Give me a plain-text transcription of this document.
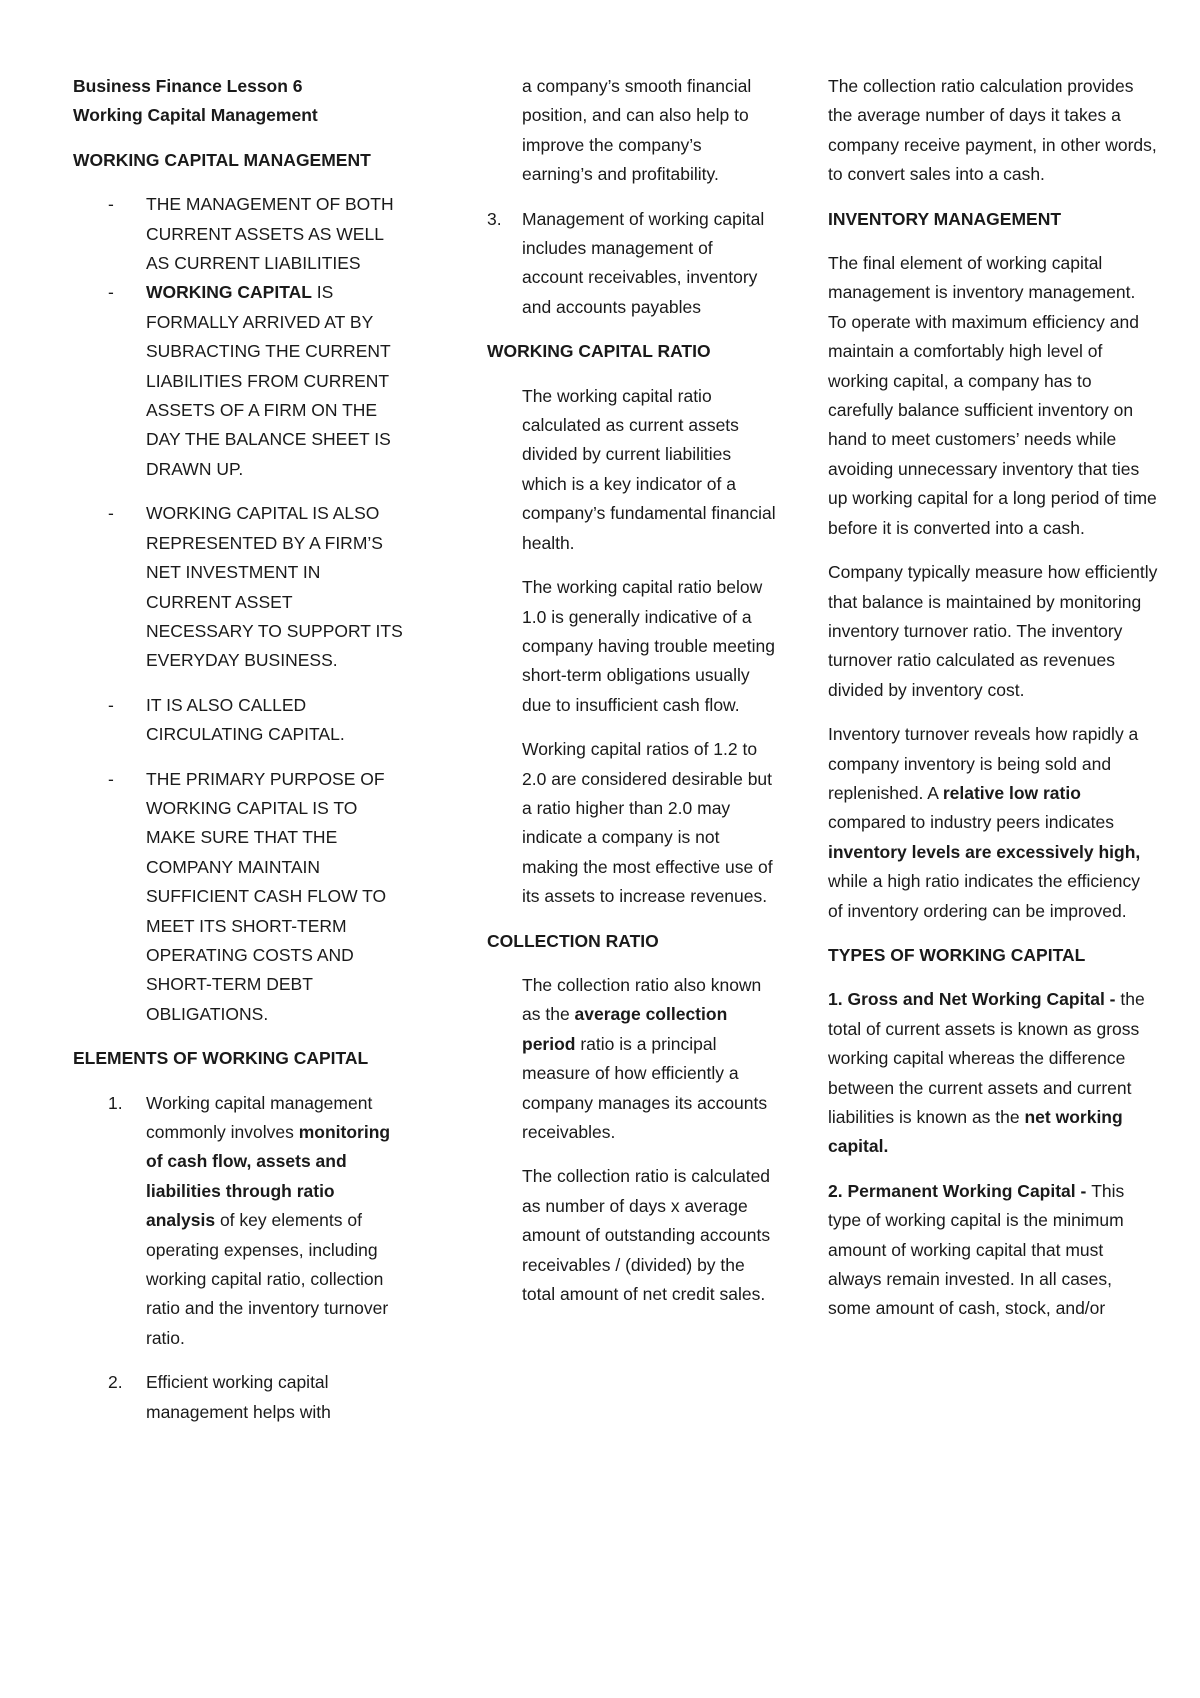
Business Finance Lesson 6

Working Capital Management

WORKING CAPITAL MANAGEMENT

- THE MANAGEMENT OF BOTH CURRENT ASSETS AS WELL AS CURRENT LIABILITIES
- WORKING CAPITAL IS FORMALLY ARRIVED AT BY SUBRACTING THE CURRENT LIABILITIES FROM CURRENT ASSETS OF A FIRM ON THE DAY THE BALANCE SHEET IS DRAWN UP.
- WORKING CAPITAL IS ALSO REPRESENTED BY A FIRM’S NET INVESTMENT IN CURRENT ASSET NECESSARY TO SUPPORT ITS EVERYDAY BUSINESS.
- IT IS ALSO CALLED CIRCULATING CAPITAL.
- THE PRIMARY PURPOSE OF WORKING CAPITAL IS TO MAKE SURE THAT THE COMPANY MAINTAIN SUFFICIENT CASH FLOW TO MEET ITS SHORT-TERM OPERATING COSTS AND SHORT-TERM DEBT OBLIGATIONS.

ELEMENTS OF WORKING CAPITAL

1. Working capital management commonly involves monitoring of cash flow, assets and liabilities through ratio analysis of key elements of operating expenses, including working capital ratio, collection ratio and the inventory turnover ratio.
2. Efficient working capital management helps with
a company’s smooth financial position, and can also help to improve the company’s earning’s and profitability.
3. Management of working capital includes management of account receivables, inventory and accounts payables

WORKING CAPITAL RATIO

The working capital ratio calculated as current assets divided by current liabilities which is a key indicator of a company’s fundamental financial health.
The working capital ratio below 1.0 is generally indicative of a company having trouble meeting short-term obligations usually due to insufficient cash flow.
Working capital ratios of 1.2 to 2.0 are considered desirable but a ratio higher than 2.0 may indicate a company is not making the most effective use of its assets to increase revenues.

COLLECTION RATIO

The collection ratio also known as the average collection period ratio is a principal measure of how efficiently a company manages its accounts receivables.
The collection ratio is calculated as number of days x average amount of outstanding accounts receivables / (divided) by the total amount of net credit sales.

The collection ratio calculation provides the average number of days it takes a company receive payment, in other words, to convert sales into a cash.

INVENTORY MANAGEMENT

The final element of working capital management is inventory management. To operate with maximum efficiency and maintain a comfortably high level of working capital, a company has to carefully balance sufficient inventory on hand to meet customers’ needs while avoiding unnecessary inventory that ties up working capital for a long period of time before it is converted into a cash.

Company typically measure how efficiently that balance is maintained by monitoring inventory turnover ratio. The inventory turnover ratio calculated as revenues divided by inventory cost.

Inventory turnover reveals how rapidly a company inventory is being sold and replenished. A relative low ratio compared to industry peers indicates inventory levels are excessively high, while a high ratio indicates the efficiency of inventory ordering can be improved.

TYPES OF WORKING CAPITAL

1. Gross and Net Working Capital - the total of current assets is known as gross working capital whereas the difference between the current assets and current liabilities is known as the net working capital.

2. Permanent Working Capital - This type of working capital is the minimum amount of working capital that must always remain invested. In all cases, some amount of cash, stock, and/or
